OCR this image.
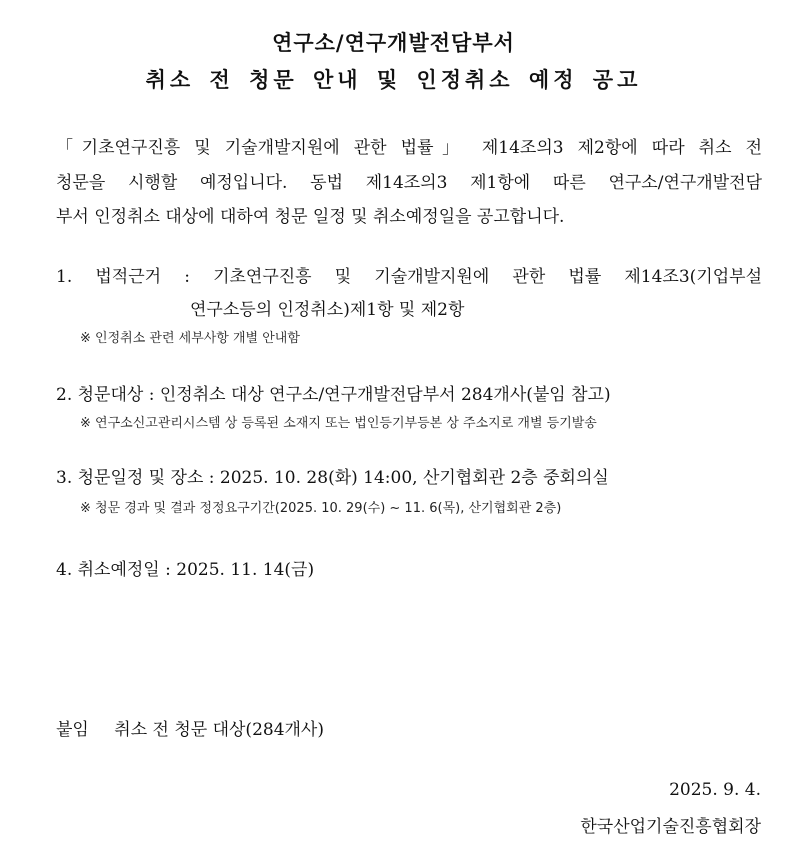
연구소/연구개발전담부서
취소 전 청문 안내 및 인정취소 예정 공고
「기초연구진흥 및 기술개발지원에 관한 법률」 제14조의3 제2항에 따라 취소 전
청문을 시행할 예정입니다. 동법 제14조의3 제1항에 따른 연구소/연구개발전담
부서 인정취소 대상에 대하여 청문 일정 및 취소예정일을 공고합니다.
1. 법적근거 : 기초연구진흥 및 기술개발지원에 관한 법률 제14조3(기업부설
연구소등의 인정취소)제1항 및 제2항
※ 인정취소 관련 세부사항 개별 안내함
2. 청문대상 : 인정취소 대상 연구소/연구개발전담부서 284개사(붙임 참고)
※ 연구소신고관리시스템 상 등록된 소재지 또는 법인등기부등본 상 주소지로 개별 등기발송
3. 청문일정 및 장소 : 2025. 10. 28(화) 14:00, 산기협회관 2층 중회의실
※ 청문 경과 및 결과 정정요구기간(2025. 10. 29(수) ~ 11. 6(목), 산기협회관 2층)
4. 취소예정일 : 2025. 11. 14(금)
붙임 취소 전 청문 대상(284개사)
2025. 9. 4.
한국산업기술진흥협회장
